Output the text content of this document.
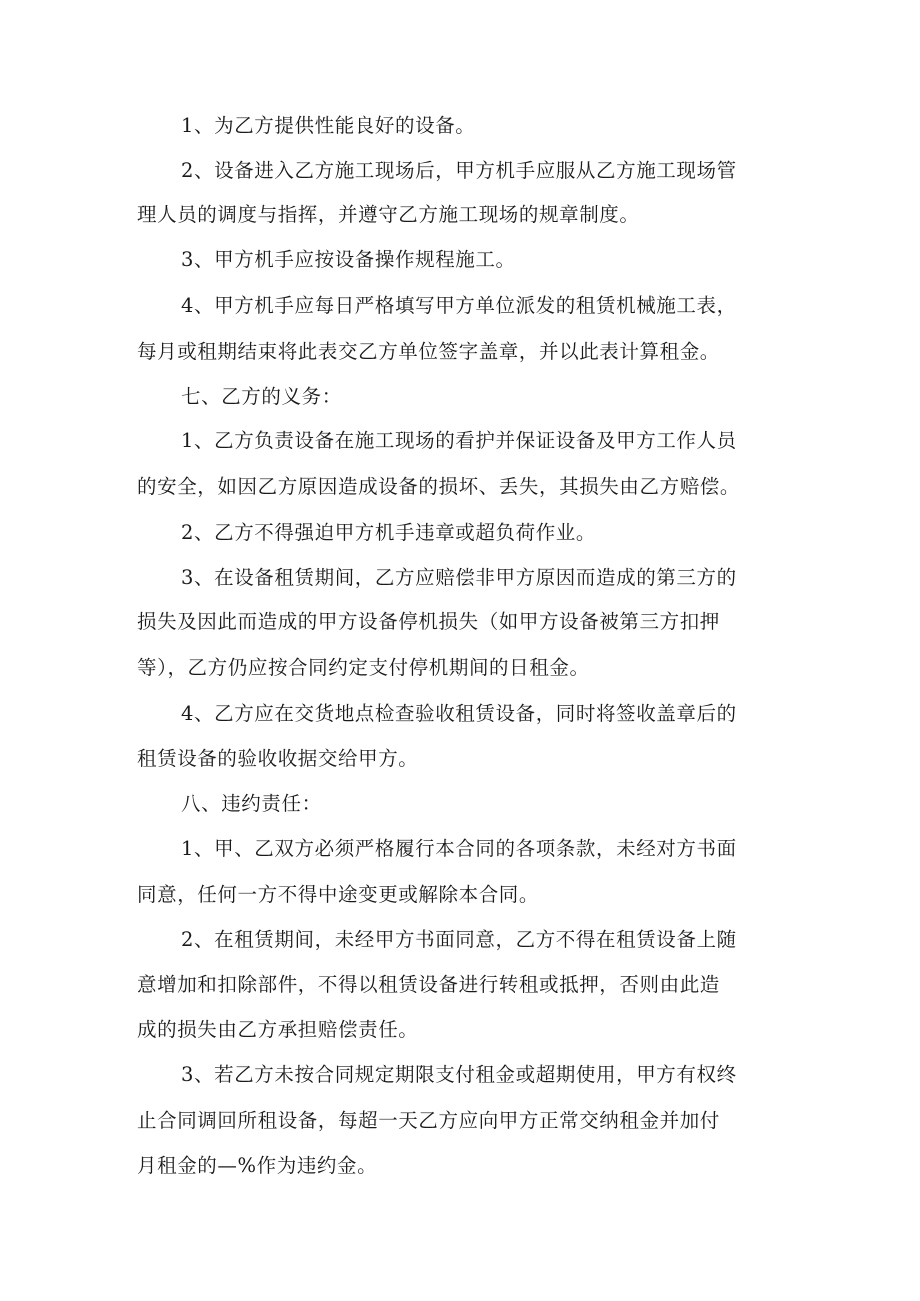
1、为乙方提供性能良好的设备。

2、设备进入乙方施工现场后，甲方机手应服从乙方施工现场管

理人员的调度与指挥，并遵守乙方施工现场的规章制度。

3、甲方机手应按设备操作规程施工。

4、甲方机手应每日严格填写甲方单位派发的租赁机械施工表，

每月或租期结束将此表交乙方单位签字盖章，并以此表计算租金。

七、乙方的义务：

1、乙方负责设备在施工现场的看护并保证设备及甲方工作人员

的安全，如因乙方原因造成设备的损坏、丢失，其损失由乙方赔偿。

2、乙方不得强迫甲方机手违章或超负荷作业。

3、在设备租赁期间，乙方应赔偿非甲方原因而造成的第三方的

损失及因此而造成的甲方设备停机损失（如甲方设备被第三方扣押

等），乙方仍应按合同约定支付停机期间的日租金。

4、乙方应在交货地点检查验收租赁设备，同时将签收盖章后的

租赁设备的验收收据交给甲方。

八、违约责任：

1、甲、乙双方必须严格履行本合同的各项条款，未经对方书面

同意，任何一方不得中途变更或解除本合同。

2、在租赁期间，未经甲方书面同意，乙方不得在租赁设备上随

意增加和扣除部件，不得以租赁设备进行转租或抵押，否则由此造

成的损失由乙方承担赔偿责任。

3、若乙方未按合同规定期限支付租金或超期使用，甲方有权终

止合同调回所租设备，每超一天乙方应向甲方正常交纳租金并加付

月租金的—%作为违约金。
